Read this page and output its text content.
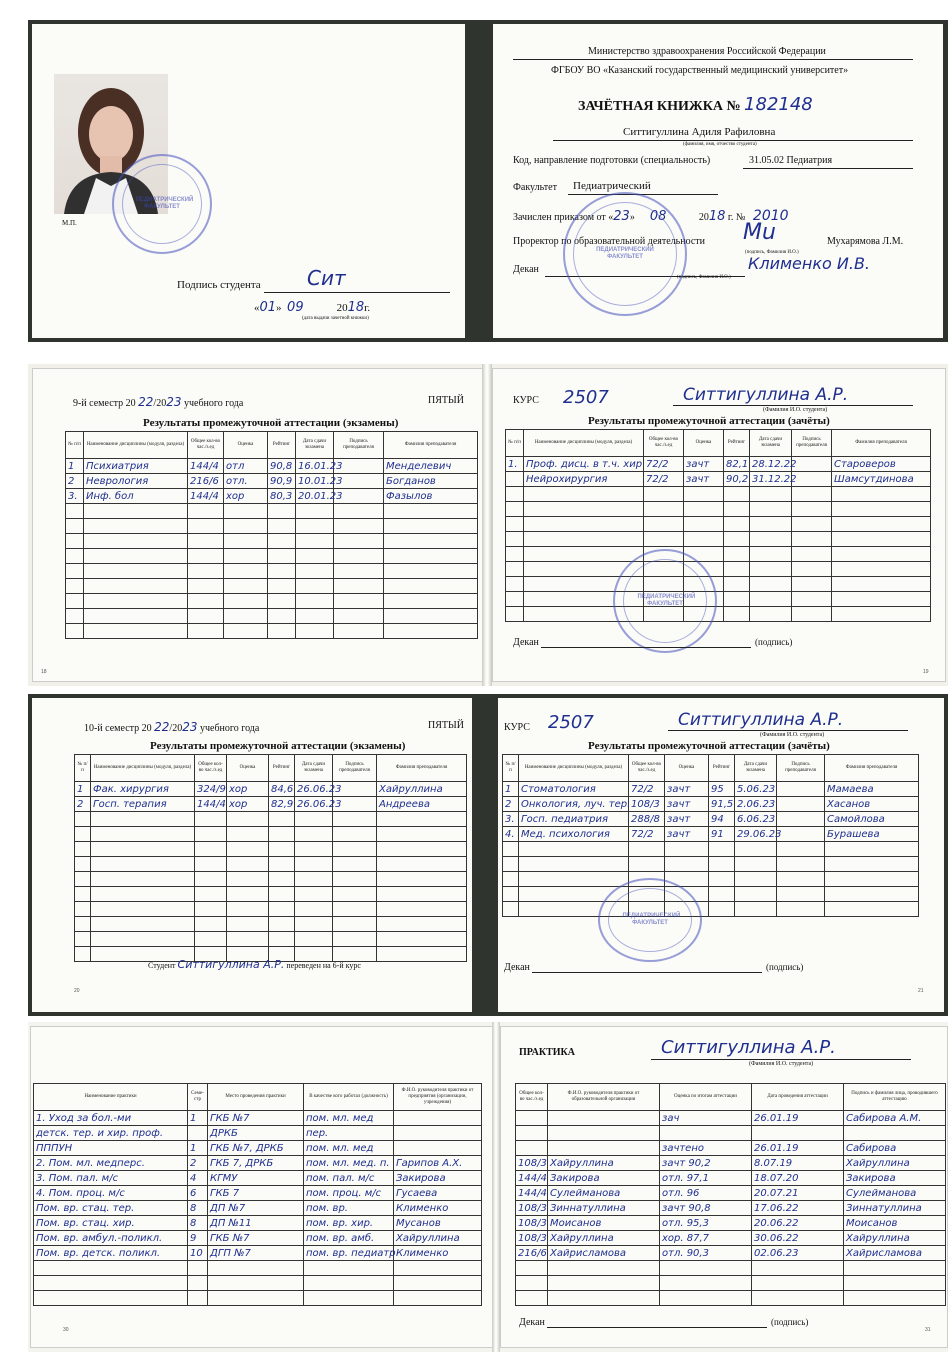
М.П.
ПЕДИАТРИЧЕСКИЙ ФАКУЛЬТЕТ
Подпись студента Сит
«01»  09	2018г.
(дата выдачи зачетной книжки)
Министерство здравоохранения Российской Федерации
ФГБОУ ВО «Казанский государственный медицинский университет»
ЗАЧЁТНАЯ КНИЖКА № 182148
Ситтигуллина Адиля Рафиловна
(фамилия, имя, отчество студента)
Код, направление подготовки (специальность)	31.05.02 Педиатрия
Факультет Педиатрический
Зачислен приказом от «23»      08	2018 г. № 2010
Проректор по образовательной деятельности Мu	Мухарямова Л.М.
(подпись, Фамилия И.О.)
Декан	Клименко И.В.
(подпись, Фамилия И.О.)
ПЕДИАТРИЧЕСКИЙ ФАКУЛЬТЕТ
9-й семестр 20 22/2023 учебного года	ПЯТЫЙ
Результаты промежуточной аттестации (экзамены)
№ п/п	Наименование дисциплины (модуля, раздела)	Общее кол-во час./з.ед	Оценка	Рейтинг	Дата сдачи экзамена	Подпись преподавателя	Фамилия преподавателя
1	Психиатрия	144/4	отл	90,8	16.01.23		Менделевич
2	Неврология	216/6	отл.	90,9	10.01.23		Богданов
3.	Инф. бол	144/4	хор	80,3	20.01.23		Фазылов

18
КУРС 2507	Ситтигуллина А.Р.
(Фамилия И.О. студента)
Результаты промежуточной аттестации (зачёты)
№ п/п	Наименование дисциплины (модуля, раздела)	Общее кол-во час./з.ед	Оценка	Рейтинг	Дата сдачи экзамена	Подпись преподавателя	Фамилия преподавателя
1.	Проф. дисц. в т.ч. хир	72/2	зачт	82,1	28.12.22		Староверов
	Нейрохирургия	72/2	зачт	90,2	31.12.22		Шамсутдинова

ПЕДИАТРИЧЕСКИЙ ФАКУЛЬТЕТ
Декан	(подпись)
19
10-й семестр 20 22/2023 учебного года	ПЯТЫЙ
Результаты промежуточной аттестации (экзамены)
№ п/п	Наименование дисциплины (модуля, раздела)	Общее кол-во час./з.ед	Оценка	Рейтинг	Дата сдачи экзамена	Подпись преподавателя	Фамилия преподавателя
1	Фак. хирургия	324/9	хор	84,6	26.06.23		Хайруллина
2	Госп. терапия	144/4	хор	82,9	26.06.23		Андреева

Студент Ситтигуллина А.Р. переведен на 6-й курс
20
КУРС 2507	Ситтигуллина А.Р.
(Фамилия И.О. студента)
Результаты промежуточной аттестации (зачёты)
№ п/п	Наименование дисциплины (модуля, раздела)	Общее кол-во час./з.ед	Оценка	Рейтинг	Дата сдачи экзамена	Подпись преподавателя	Фамилия преподавателя
1	Стоматология	72/2	зачт	95	5.06.23		Мамаева
2	Онкология, луч. тер.	108/3	зачт	91,5	2.06.23		Хасанов
3.	Госп. педиатрия	288/8	зачт	94	6.06.23		Самойлова
4.	Мед. психология	72/2	зачт	91	29.06.23		Бурашева

ПЕДИАТРИЧЕСКИЙ ФАКУЛЬТЕТ
Декан	(подпись)
21
Наименование практики	Семе-стр	Место проведения практики	В качестве кого работал (должность)	Ф.И.О. руководителя практики от предприятия (организации, учреждения)
1. Уход за бол.-ми	1	ГКБ №7	пом. мл. мед	
детск. тер. и хир. проф.		ДРКБ	пер.	
ПППУН	1	ГКБ №7, ДРКБ	пом. мл. мед	
2. Пом. мл. медперс.	2	ГКБ 7, ДРКБ	пом. мл. мед. п.	Гарипов А.Х.
3. Пом. пал. м/с	4	КГМУ	пом. пал. м/с	Закирова
4. Пом. проц. м/с	6	ГКБ 7	пом. проц. м/с	Гусаева
Пом. вр. стац. тер.	8	ДП №7	пом. вр.	Клименко
Пом. вр. стац. хир.	8	ДП №11	пом. вр. хир.	Мусанов
Пом. вр. амбул.-поликл.	9	ГКБ №7	пом. вр. амб.	Хайруллина
Пом. вр. детск. поликл.	10	ДГП №7	пом. вр. педиатр	Клименко

30
ПРАКТИКА	Ситтигуллина А.Р.
(Фамилия И.О. студента)
Общее кол-во час./з.ед	Ф.И.О. руководителя практики от образовательной организации	Оценка по итогам аттестации	Дата проведения аттестации	Подпись и фамилия лица, проводившего аттестацию
		зач	26.01.19	Сабирова А.М.

		зачтено	26.01.19	Сабирова
108/3	Хайруллина	зачт 90,2	8.07.19	Хайруллина
144/4	Закирова	отл. 97,1	18.07.20	Закирова
144/4	Сулейманова	отл. 96	20.07.21	Сулейманова
108/3	Зиннатуллина	зачт 90,8	17.06.22	Зиннатуллина
108/3	Моисанов	отл. 95,3	20.06.22	Моисанов
108/3	Хайруллина	хор. 87,7	30.06.22	Хайруллина
216/6	Хайрисламова	отл. 90,3	02.06.23	Хайрисламова

Декан	(подпись)
31
